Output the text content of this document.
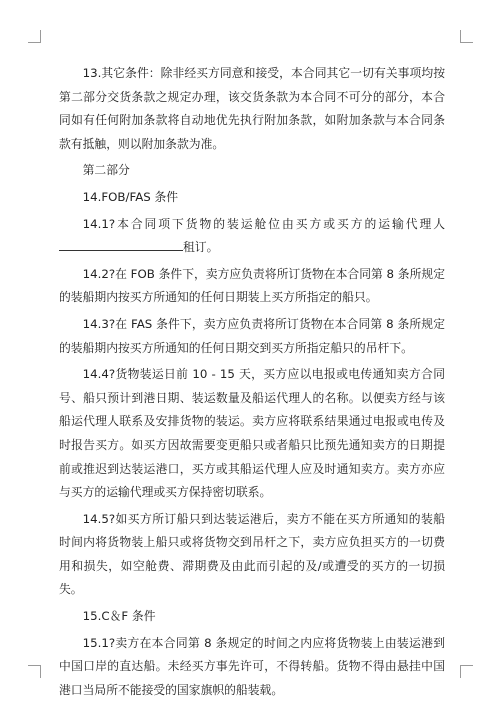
13.其它条件：除非经买方同意和接受，本合同其它一切有关事项均按第二部分交货条款之规定办理，该交货条款为本合同不可分的部分，本合同如有任何附加条款将自动地优先执行附加条款，如附加条款与本合同条款有抵触，则以附加条款为准。

第二部分

14.FOB/FAS 条件

14.1?本合同项下货物的装运舱位由买方或买方的运输代理人租订。

14.2?在 FOB 条件下，卖方应负责将所订货物在本合同第 8 条所规定的装船期内按买方所通知的任何日期装上买方所指定的船只。

14.3?在 FAS 条件下，卖方应负责将所订货物在本合同第 8 条所规定的装船期内按买方所通知的任何日期交到买方所指定船只的吊杆下。

14.4?货物装运日前 10 - 15 天，买方应以电报或电传通知卖方合同号、船只预计到港日期、装运数量及船运代理人的名称。以便卖方经与该船运代理人联系及安排货物的装运。卖方应将联系结果通过电报或电传及时报告买方。如买方因故需要变更船只或者船只比预先通知卖方的日期提前或推迟到达装运港口，买方或其船运代理人应及时通知卖方。卖方亦应与买方的运输代理或买方保持密切联系。

14.5?如买方所订船只到达装运港后，卖方不能在买方所通知的装船时间内将货物装上船只或将货物交到吊杆之下，卖方应负担买方的一切费用和损失，如空舱费、滞期费及由此而引起的及/或遭受的买方的一切损失。

15.C＆F 条件

15.1?卖方在本合同第 8 条规定的时间之内应将货物装上由装运港到中国口岸的直达船。未经买方事先许可，不得转船。货物不得由悬挂中国港口当局所不能接受的国家旗帜的船装载。
